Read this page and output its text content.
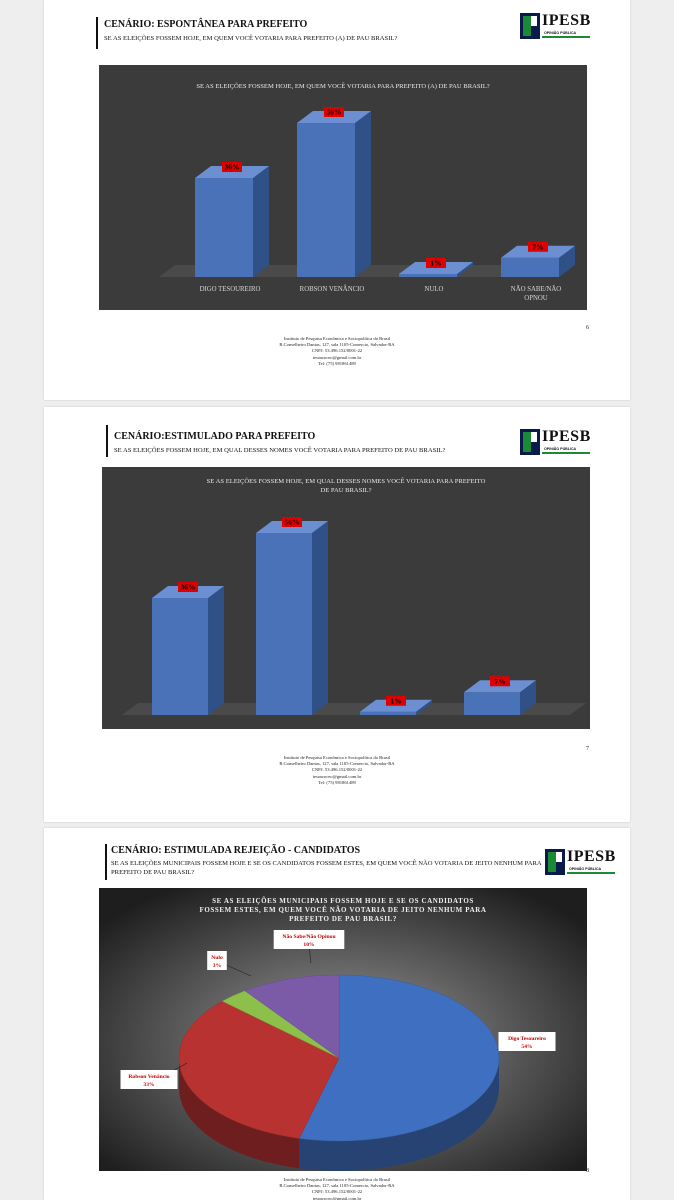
CENÁRIO: ESPONTÂNEA PARA PREFEITO
SE AS ELEIÇÕES FOSSEM HOJE, EM QUEM VOCÊ VOTARIA PARA PREFEITO (A) DE PAU BRASIL?
IPESB
OPINIÃO PÚBLICA
SE AS ELEIÇÕES FOSSEM HOJE, EM QUEM VOCÊ VOTARIA PARA PREFEITO (A) DE PAU BRASIL?
36%
DIGO TESOUREIRO
56%
ROBSON VENÂNCIO
1%
NULO
7%
NÃO SABE/NÃO
OPNOU
6
Instituto de Pesquisa Econômica e Sociopolítica do Brasil
R.Conselheiro Dantas, 127, sala 1105-Comercio, Salvador-BA
CNPJ: 53.496.152/0001-22
tesouroceo@gmail.com.br
Tel: (75) 981861489
CENÁRIO:ESTIMULADO PARA PREFEITO
SE AS ELEIÇÕES FOSSEM HOJE, EM QUAL DESSES NOMES VOCÊ VOTARIA PARA PREFEITO DE PAU BRASIL?
IPESB
OPINIÃO PÚBLICA
SE AS ELEIÇÕES FOSSEM HOJE, EM QUAL DESSES NOMES VOCÊ VOTARIA PARA PREFEITO
DE PAU BRASIL?
36%
56%
1%
7%
7
Instituto de Pesquisa Econômica e Sociopolítica do Brasil
R.Conselheiro Dantas, 127, sala 1105-Comercio, Salvador-BA
CNPJ: 53.496.152/0001-22
tesouroceo@gmail.com.br
Tel: (75) 981861489
CENÁRIO: ESTIMULADA REJEIÇÃO - CANDIDATOS
SE AS ELEIÇÕES MUNICIPAIS FOSSEM HOJE E SE OS CANDIDATOS FOSSEM ESTES, EM QUEM VOCÊ NÃO VOTARIA DE JEITO NENHUM PARA PREFEITO DE PAU BRASIL?
IPESB
OPINIÃO PÚBLICA
SE AS ELEIÇÕES MUNICIPAIS FOSSEM HOJE E SE OS CANDIDATOS
FOSSEM ESTES, EM QUEM VOCÊ NÃO VOTARIA DE JEITO NENHUM PARA
PREFEITO DE PAU BRASIL?
Digo Tesoureiro
54%
Robson Venâncio
33%
Nulo
3%
Não Sabe/Não Opinou
10%
8
Instituto de Pesquisa Econômica e Sociopolítica do Brasil
R.Conselheiro Dantas, 127, sala 1105-Comercio, Salvador-BA
CNPJ: 53.496.152/0001-22
tesouroceo@gmail.com.br
